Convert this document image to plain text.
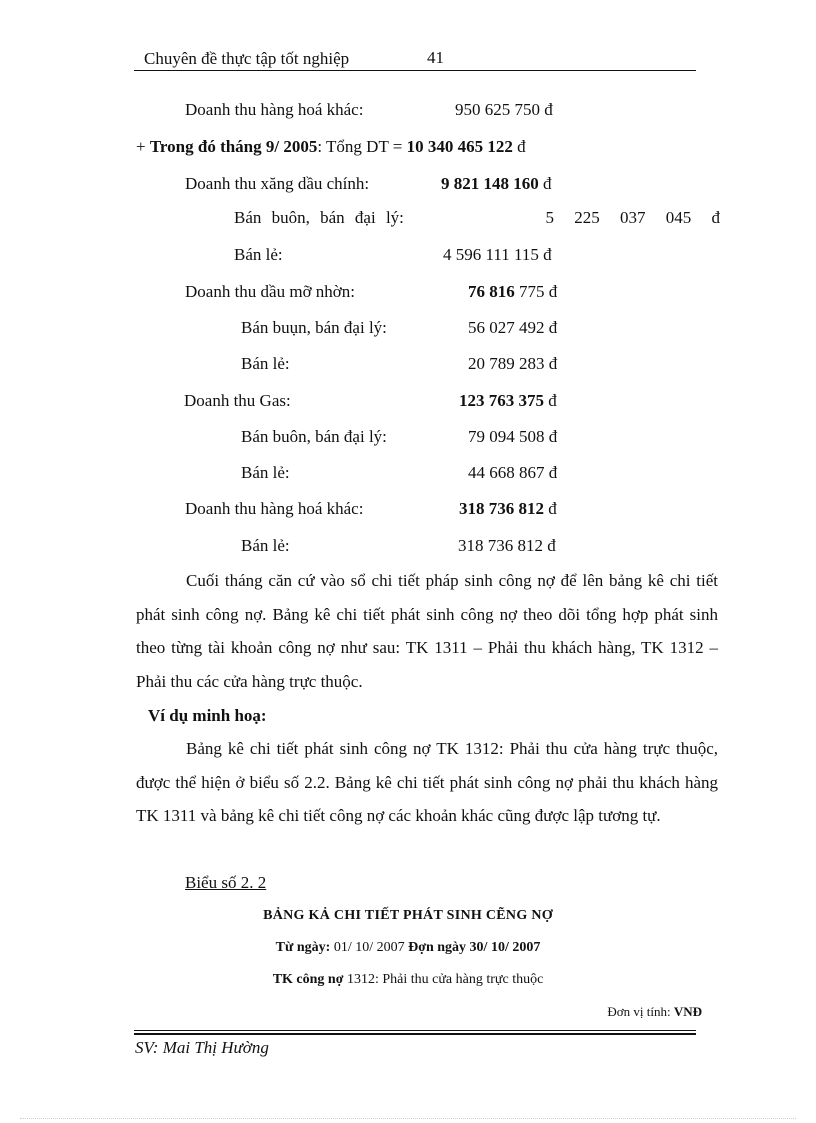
Chuyên đề thực tập tốt nghiệp	41
Doanh thu hàng hoá khác:	950 625 750 đ
+ Trong đó tháng 9/ 2005: Tổng DT = 10 340 465 122 đ
Doanh thu xăng dầu chính:	9 821 148 160 đ
Bán buôn, bán đại lý:	5 225 037 045 đ
Bán lẻ:	4 596 111 115 đ
Doanh thu dầu mỡ nhờn:	76 816 775 đ
Bán buụn, bán đại lý:	56 027 492 đ
Bán lẻ:	20 789 283 đ
Doanh thu Gas:	123 763 375 đ
Bán buôn, bán đại lý:	79 094 508 đ
Bán lẻ:	44 668 867 đ
Doanh thu hàng hoá khác:	318 736 812 đ
Bán lẻ:	318 736 812 đ
Cuối tháng căn cứ vào sổ chi tiết pháp sinh công nợ để lên bảng kê chi tiết phát sinh công nợ. Bảng kê chi tiết phát sinh công nợ theo dõi tổng hợp phát sinh theo từng tài khoản công nợ như sau: TK 1311 – Phải thu khách hàng, TK 1312 – Phải thu các cửa hàng trực thuộc.
Ví dụ minh hoạ:
Bảng kê chi tiết phát sinh công nợ TK 1312: Phải thu cửa hàng trực thuộc, được thể hiện ở biểu số 2.2. Bảng kê chi tiết phát sinh công nợ phải thu khách hàng TK 1311 và bảng kê chi tiết công nợ các khoản khác cũng được lập tương tự.
Biểu số 2. 2
BẢNG KẢ CHI TIẾT PHÁT SINH CẼNG NỢ
Từ ngày: 01/ 10/ 2007 Đợn ngày 30/ 10/ 2007
TK công nợ 1312: Phải thu cửa hàng trực thuộc
Đơn vị tính: VNĐ
SV: Mai Thị Hường
